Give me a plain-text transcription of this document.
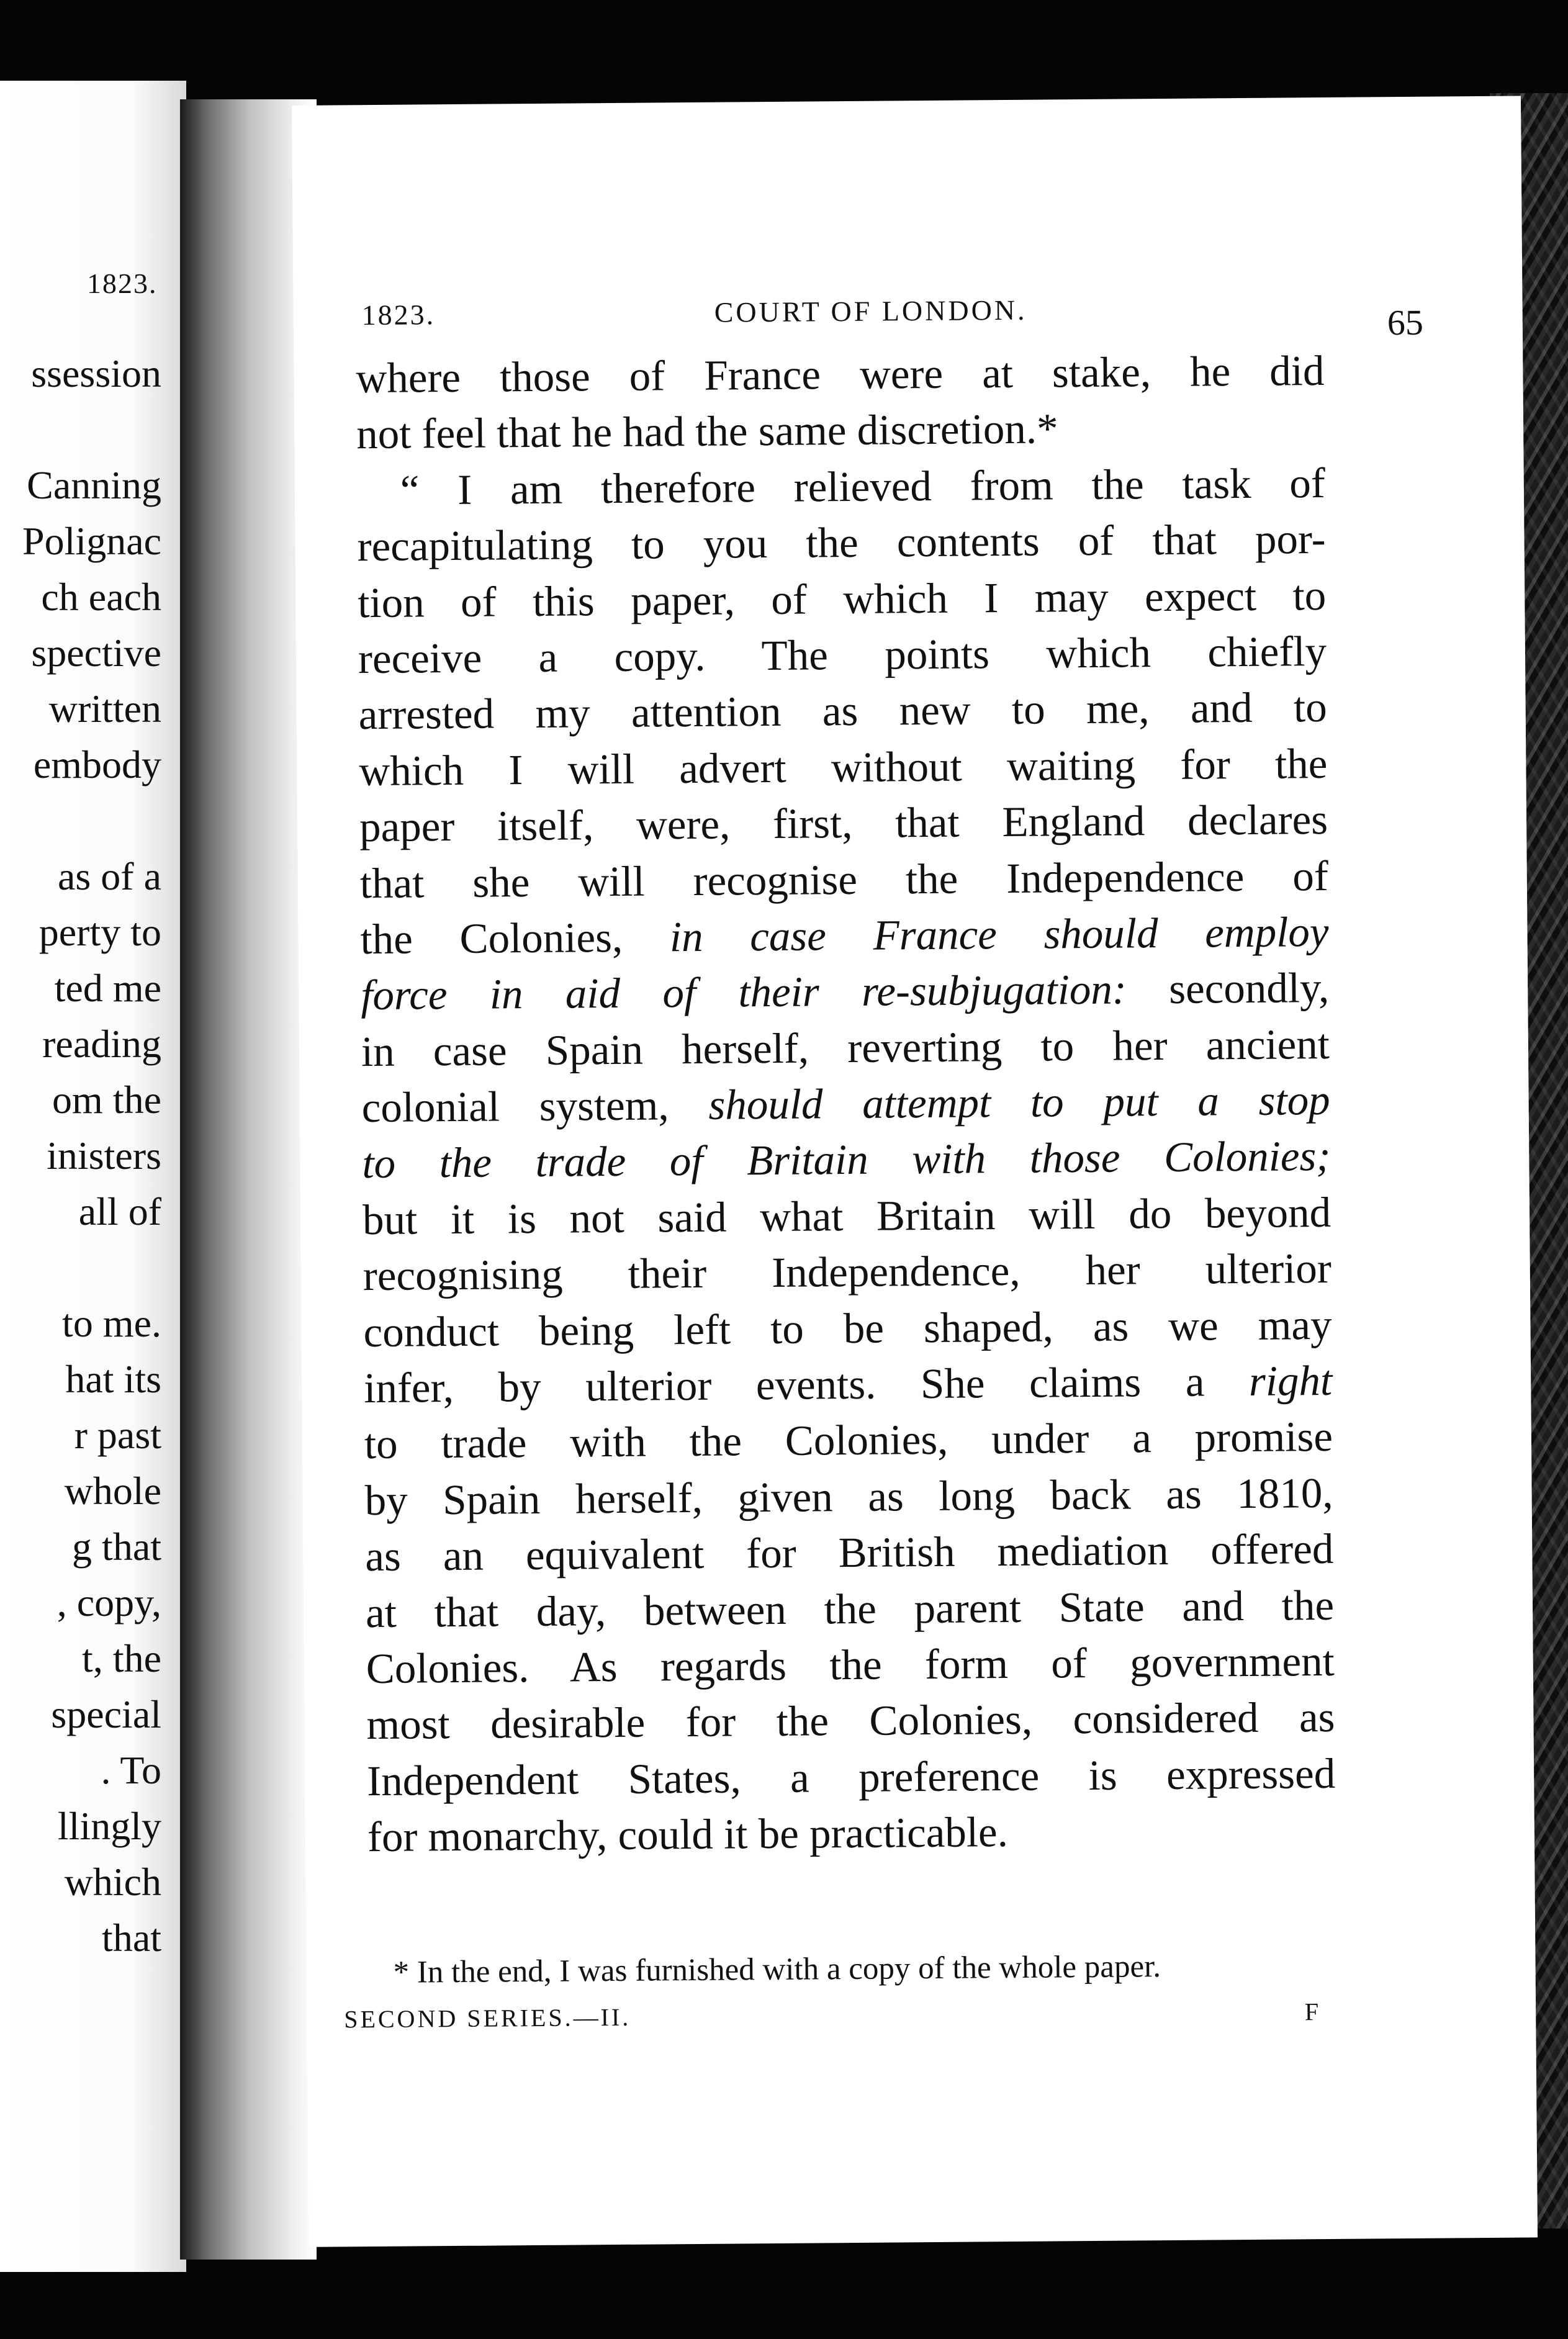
1823.
ssession
Canning
Polignac
ch each
spective
written
embody
as of a
perty to
ted me
reading
om the
inisters
all of
to me.
hat its
r past
whole
g that
, copy,
t, the
special
. To
llingly
which
that
1823.	COURT OF LONDON.	65
where those of France were at stake, he did
not feel that he had the same discretion.*
“ I am therefore relieved from the task of
recapitulating to you the contents of that por-
tion of this paper, of which I may expect to
receive a copy. The points which chiefly
arrested my attention as new to me, and to
which I will advert without waiting for the
paper itself, were, first, that England declares
that she will recognise the Independence of
the Colonies, in case France should employ
force in aid of their re-subjugation: secondly,
in case Spain herself, reverting to her ancient
colonial system, should attempt to put a stop
to the trade of Britain with those Colonies;
but it is not said what Britain will do beyond
recognising their Independence, her ulterior
conduct being left to be shaped, as we may
infer, by ulterior events. She claims a right
to trade with the Colonies, under a promise
by Spain herself, given as long back as 1810,
as an equivalent for British mediation offered
at that day, between the parent State and the
Colonies. As regards the form of government
most desirable for the Colonies, considered as
Independent States, a preference is expressed
for monarchy, could it be practicable.
* In the end, I was furnished with a copy of the whole paper.
SECOND SERIES.—II.	F
